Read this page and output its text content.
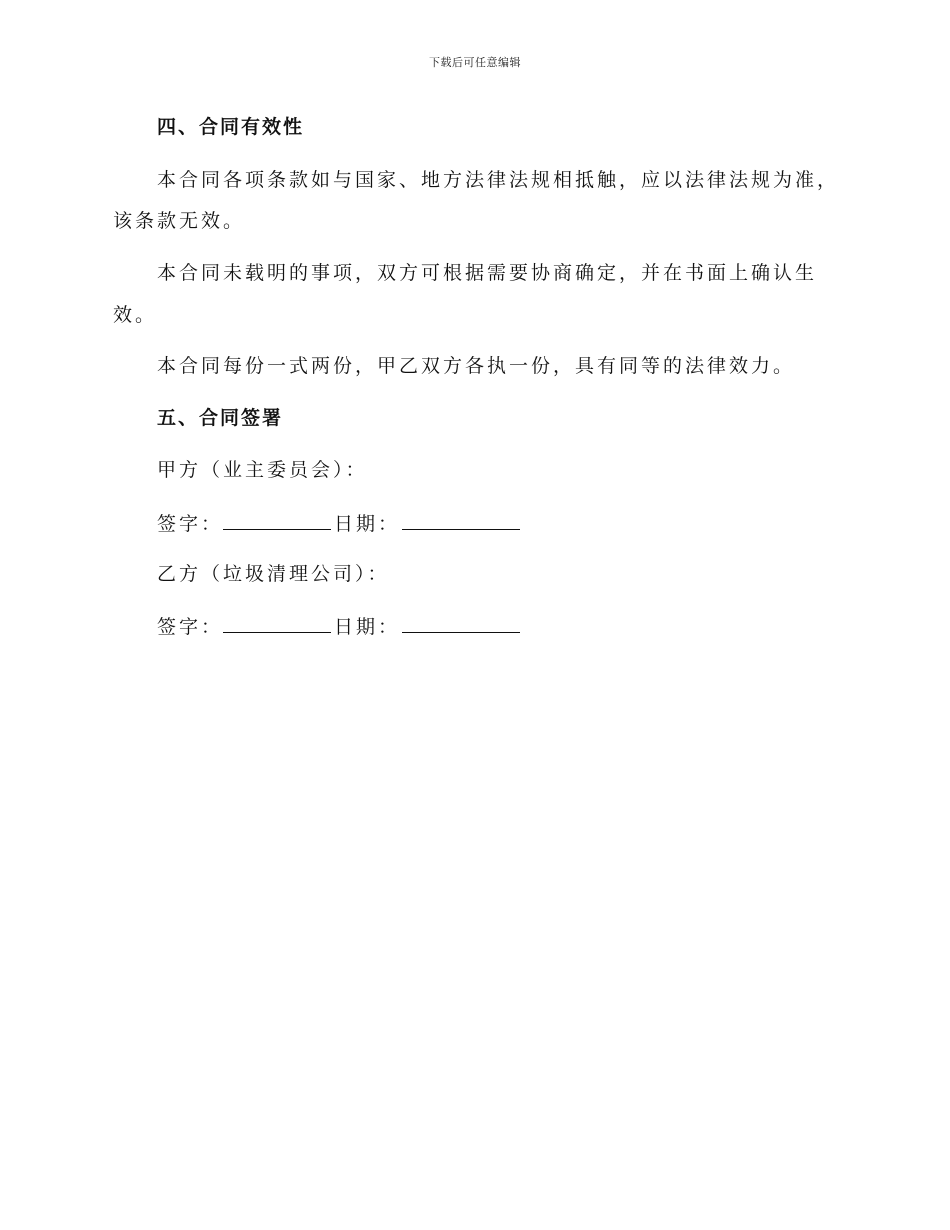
下载后可任意编辑
四、合同有效性
本合同各项条款如与国家、地方法律法规相抵触，应以法律法规为准，
该条款无效。
本合同未载明的事项，双方可根据需要协商确定，并在书面上确认生
效。
本合同每份一式两份，甲乙双方各执一份，具有同等的法律效力。
五、合同签署
甲方（业主委员会）：
签字：	日期：
乙方（垃圾清理公司）：
签字：	日期：
